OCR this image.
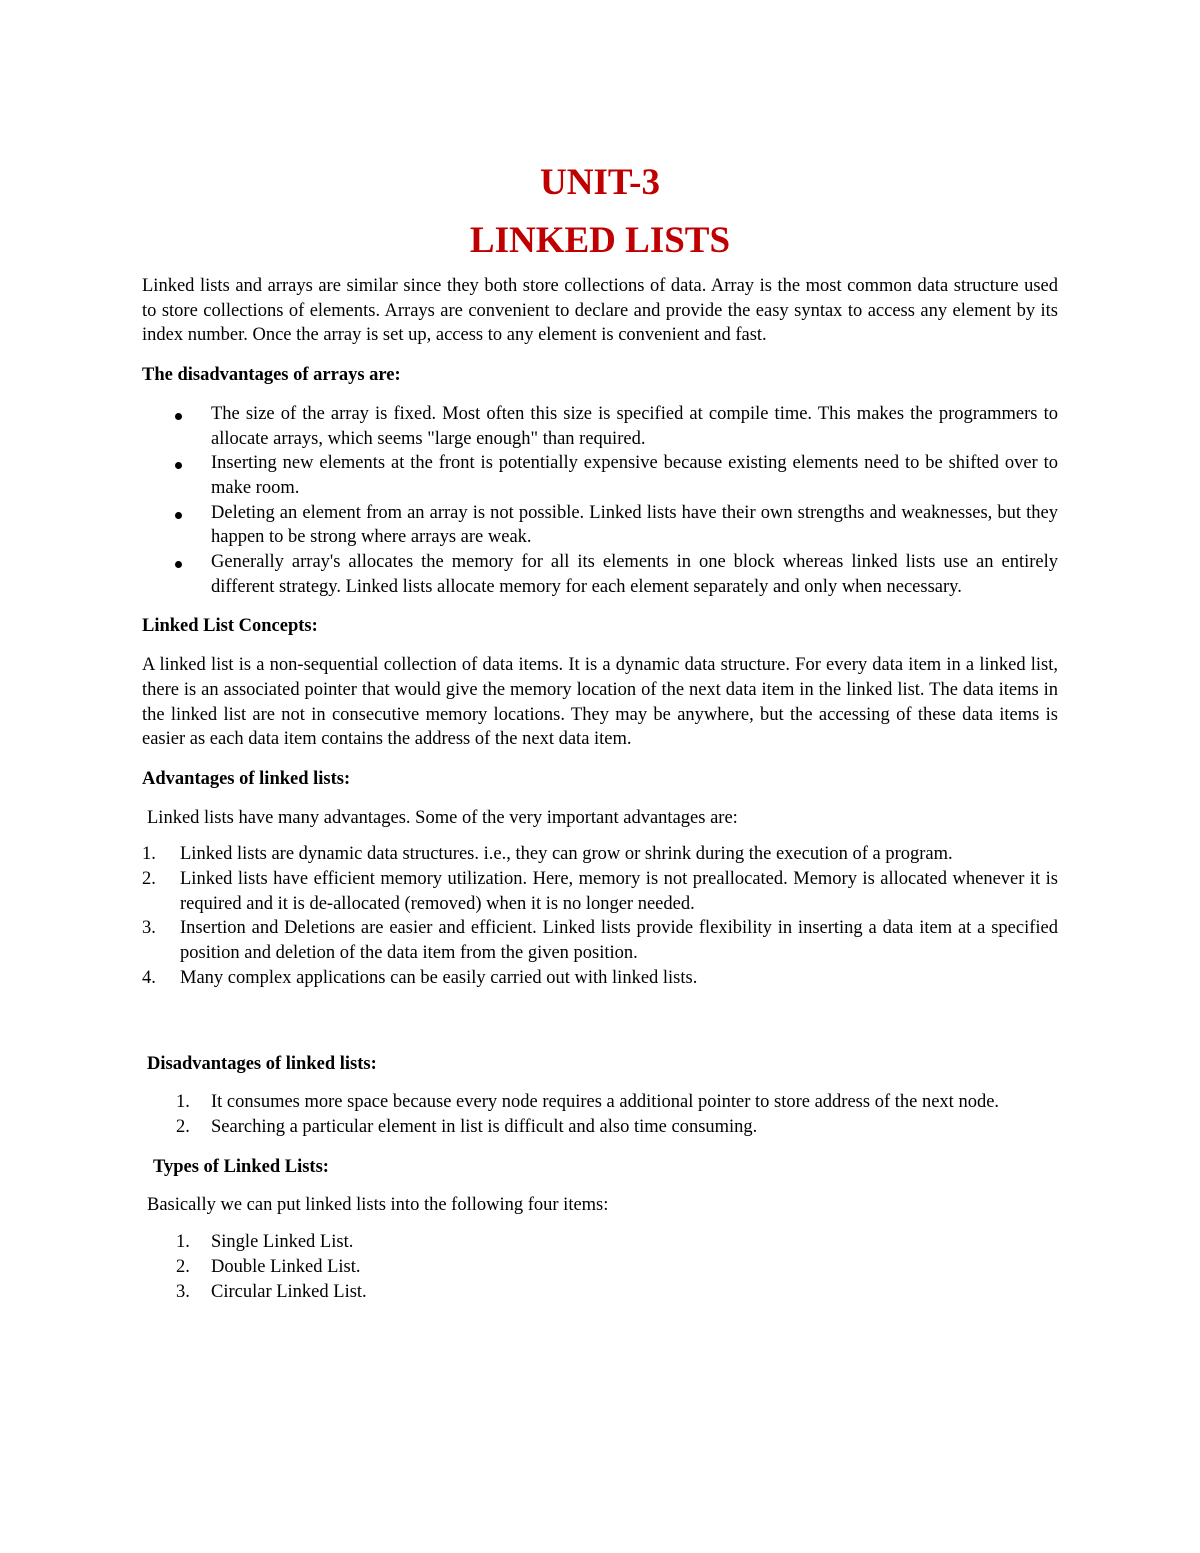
UNIT-3
LINKED LISTS

Linked lists and arrays are similar since they both store collections of data. Array is the most common data structure used to store collections of elements. Arrays are convenient to declare and provide the easy syntax to access any element by its index number. Once the array is set up, access to any element is convenient and fast.

The disadvantages of arrays are:

The size of the array is fixed. Most often this size is specified at compile time. This makes the programmers to allocate arrays, which seems "large enough" than required.
Inserting new elements at the front is potentially expensive because existing elements need to be shifted over to make room.
Deleting an element from an array is not possible. Linked lists have their own strengths and weaknesses, but they happen to be strong where arrays are weak.
Generally array's allocates the memory for all its elements in one block whereas linked lists use an entirely different strategy. Linked lists allocate memory for each element separately and only when necessary.

Linked List Concepts:

A linked list is a non-sequential collection of data items. It is a dynamic data structure. For every data item in a linked list, there is an associated pointer that would give the memory location of the next data item in the linked list. The data items in the linked list are not in consecutive memory locations. They may be anywhere, but the accessing of these data items is easier as each data item contains the address of the next data item.

Advantages of linked lists:

Linked lists have many advantages. Some of the very important advantages are:

1. Linked lists are dynamic data structures. i.e., they can grow or shrink during the execution of a program.
2. Linked lists have efficient memory utilization. Here, memory is not preallocated. Memory is allocated whenever it is required and it is de-allocated (removed) when it is no longer needed.
3. Insertion and Deletions are easier and efficient. Linked lists provide flexibility in inserting a data item at a specified position and deletion of the data item from the given position.
4. Many complex applications can be easily carried out with linked lists.

Disadvantages of linked lists:

1. It consumes more space because every node requires a additional pointer to store address of the next node.
2. Searching a particular element in list is difficult and also time consuming.

Types of Linked Lists:

Basically we can put linked lists into the following four items:

1. Single Linked List.
2. Double Linked List.
3. Circular Linked List.
